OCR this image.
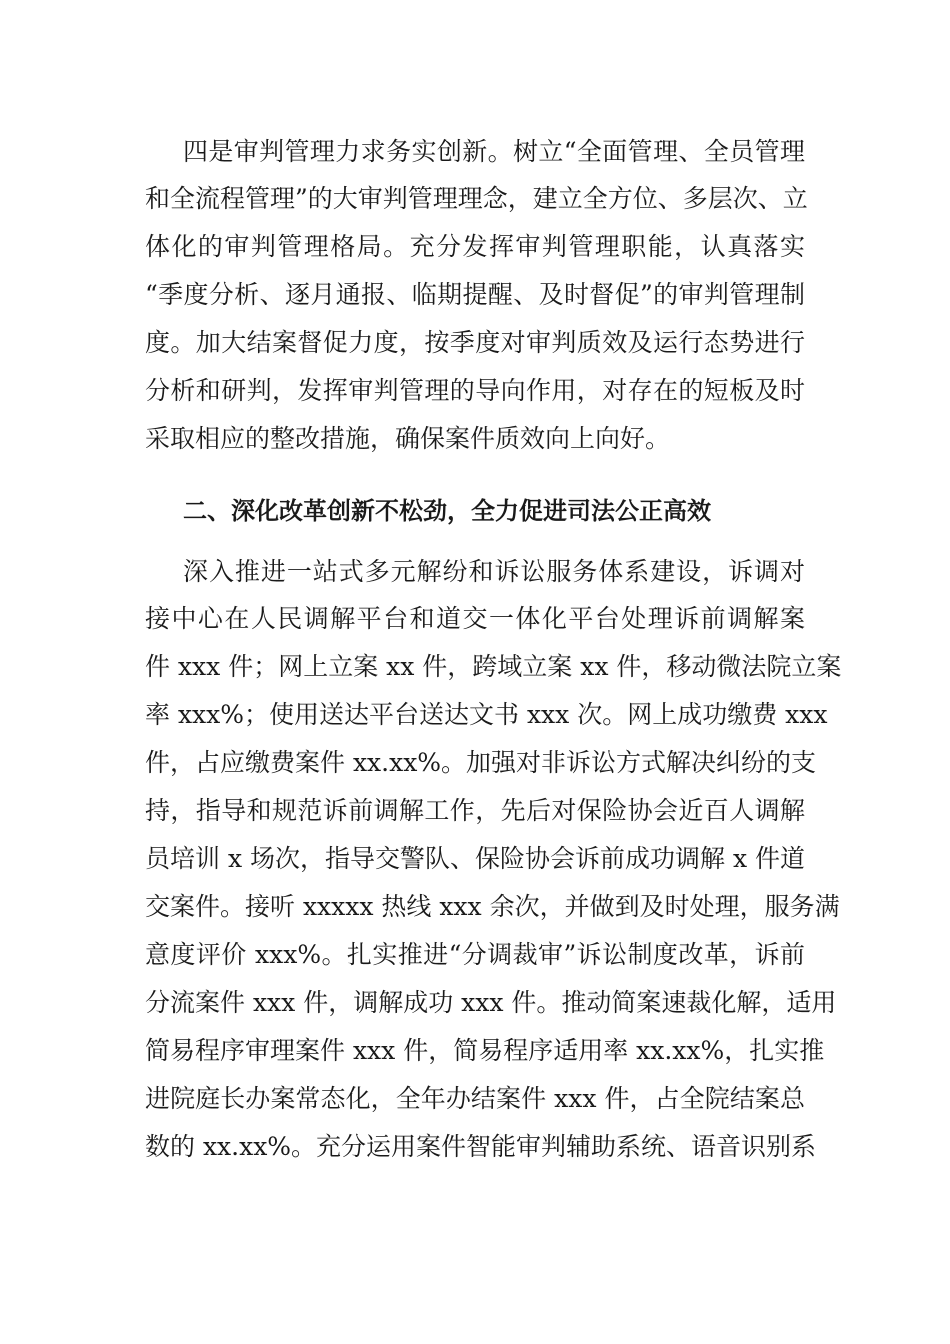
四是审判管理力求务实创新。树立“全面管理、全员管理
和全流程管理”的大审判管理理念，建立全方位、多层次、立
体化的审判管理格局。充分发挥审判管理职能，认真落实
“季度分析、逐月通报、临期提醒、及时督促”的审判管理制
度。加大结案督促力度，按季度对审判质效及运行态势进行
分析和研判，发挥审判管理的导向作用，对存在的短板及时
采取相应的整改措施，确保案件质效向上向好。
二、深化改革创新不松劲，全力促进司法公正高效
深入推进一站式多元解纷和诉讼服务体系建设，诉调对
接中心在人民调解平台和道交一体化平台处理诉前调解案
件 xxx 件；网上立案 xx 件，跨域立案 xx 件，移动微法院立案
率 xxx%；使用送达平台送达文书 xxx 次。网上成功缴费 xxx
件，占应缴费案件 xx.xx%。加强对非诉讼方式解决纠纷的支
持，指导和规范诉前调解工作，先后对保险协会近百人调解
员培训 x 场次，指导交警队、保险协会诉前成功调解 x 件道
交案件。接听 xxxxx 热线 xxx 余次，并做到及时处理，服务满
意度评价 xxx%。扎实推进“分调裁审”诉讼制度改革，诉前
分流案件 xxx 件，调解成功 xxx 件。推动简案速裁化解，适用
简易程序审理案件 xxx 件，简易程序适用率 xx.xx%，扎实推
进院庭长办案常态化，全年办结案件 xxx 件，占全院结案总
数的 xx.xx%。充分运用案件智能审判辅助系统、语音识别系
